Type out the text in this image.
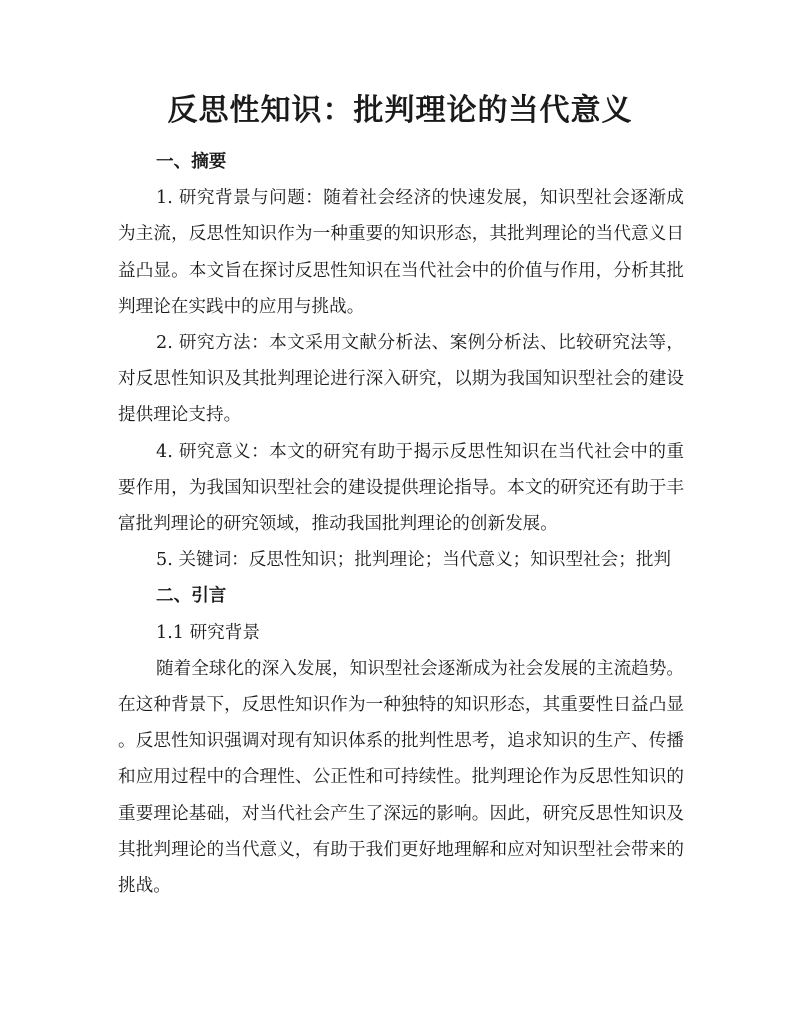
反思性知识：批判理论的当代意义
一、摘要

1. 研究背景与问题：随着社会经济的快速发展，知识型社会逐渐成为主流，反思性知识作为一种重要的知识形态，其批判理论的当代意义日益凸显。本文旨在探讨反思性知识在当代社会中的价值与作用，分析其批判理论在实践中的应用与挑战。

2. 研究方法：本文采用文献分析法、案例分析法、比较研究法等，对反思性知识及其批判理论进行深入研究，以期为我国知识型社会的建设提供理论支持。

4. 研究意义：本文的研究有助于揭示反思性知识在当代社会中的重要作用，为我国知识型社会的建设提供理论指导。本文的研究还有助于丰富批判理论的研究领域，推动我国批判理论的创新发展。

5. 关键词：反思性知识；批判理论；当代意义；知识型社会；批判

二、引言

1.1 研究背景

随着全球化的深入发展，知识型社会逐渐成为社会发展的主流趋势。在这种背景下，反思性知识作为一种独特的知识形态，其重要性日益凸显。反思性知识强调对现有知识体系的批判性思考，追求知识的生产、传播和应用过程中的合理性、公正性和可持续性。批判理论作为反思性知识的重要理论基础，对当代社会产生了深远的影响。因此，研究反思性知识及其批判理论的当代意义，有助于我们更好地理解和应对知识型社会带来的挑战。
